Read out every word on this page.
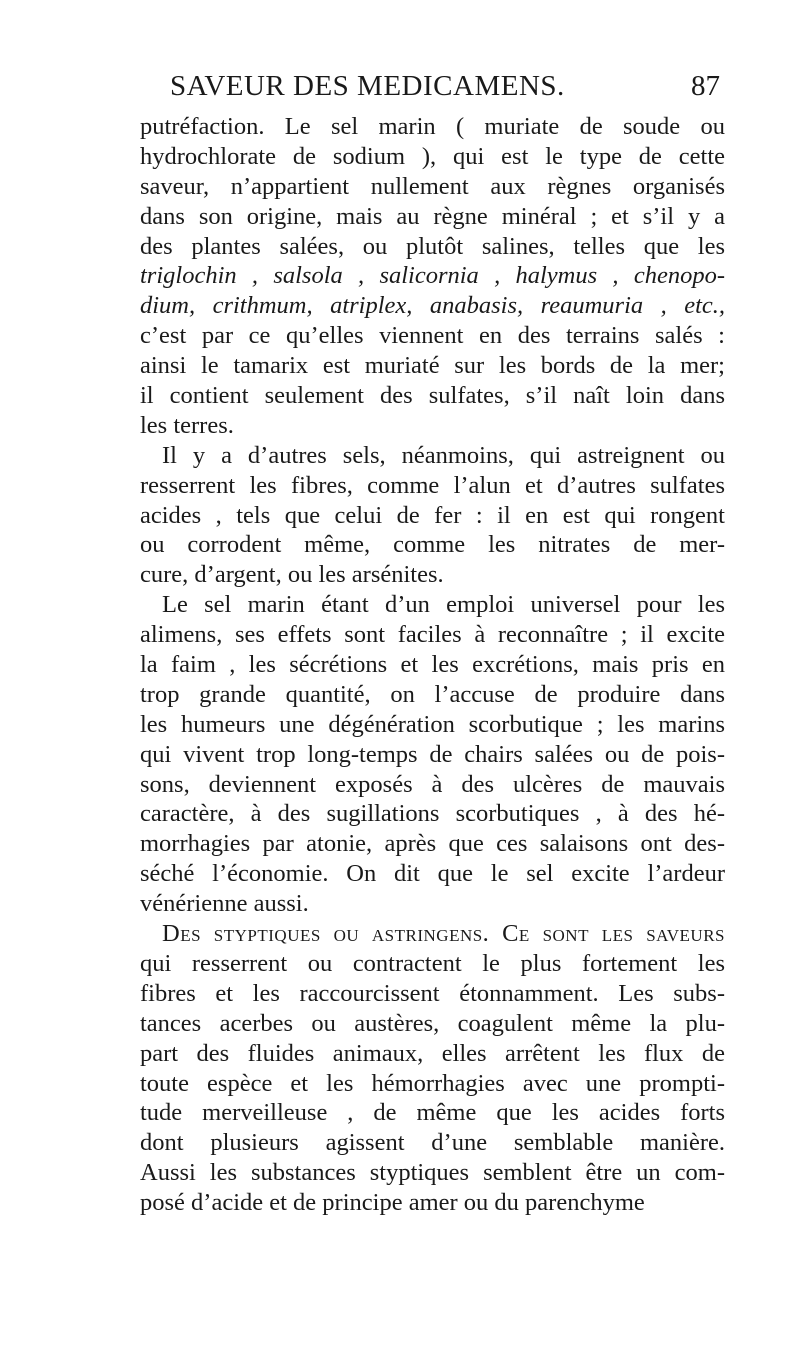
SAVEUR DES MEDICAMENS.	87
putréfaction. Le sel marin ( muriate de soude ou
hydrochlorate de sodium ), qui est le type de cette
saveur, n’appartient nullement aux règnes organisés
dans son origine, mais au règne minéral ; et s’il y a
des plantes salées, ou plutôt salines, telles que les
triglochin , salsola , salicornia , halymus , chenopo-
dium, crithmum, atriplex, anabasis, reaumuria , etc.,
c’est par ce qu’elles viennent en des terrains salés :
ainsi le tamarix est muriaté sur les bords de la mer;
il contient seulement des sulfates, s’il naît loin dans
les terres.
Il y a d’autres sels, néanmoins, qui astreignent ou
resserrent les fibres, comme l’alun et d’autres sulfates
acides , tels que celui de fer : il en est qui rongent
ou corrodent même, comme les nitrates de mer-
cure, d’argent, ou les arsénites.
Le sel marin étant d’un emploi universel pour les
alimens, ses effets sont faciles à reconnaître ; il excite
la faim , les sécrétions et les excrétions, mais pris en
trop grande quantité, on l’accuse de produire dans
les humeurs une dégénération scorbutique ; les marins
qui vivent trop long-temps de chairs salées ou de pois-
sons, deviennent exposés à des ulcères de mauvais
caractère, à des sugillations scorbutiques , à des hé-
morrhagies par atonie, après que ces salaisons ont des-
séché l’économie. On dit que le sel excite l’ardeur
vénérienne aussi.
Des styptiques ou astringens. Ce sont les saveurs
qui resserrent ou contractent le plus fortement les
fibres et les raccourcissent étonnamment. Les subs-
tances acerbes ou austères, coagulent même la plu-
part des fluides animaux, elles arrêtent les flux de
toute espèce et les hémorrhagies avec une prompti-
tude merveilleuse , de même que les acides forts
dont plusieurs agissent d’une semblable manière.
Aussi les substances styptiques semblent être un com-
posé d’acide et de principe amer ou du parenchyme
